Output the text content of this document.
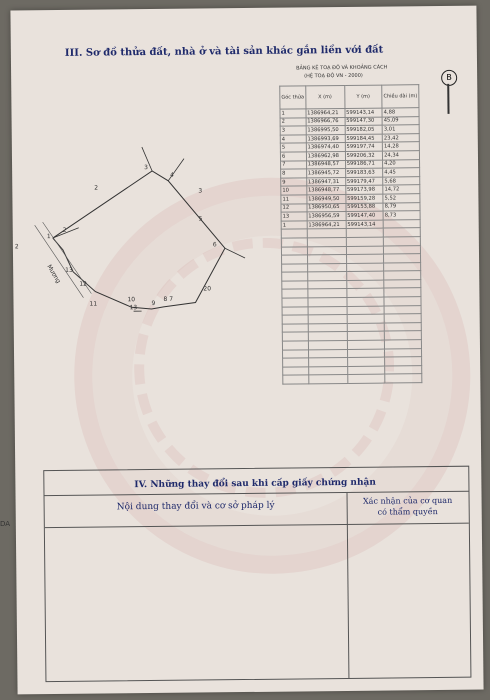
III. Sơ đồ thửa đất, nhà ở và tài sản khác gắn liền với đất
1
2
3
4
5
6
8 7
9
10
11
12
13
2
2
3
13
20
Mương
BẢNG KÊ TOẠ ĐỘ VÀ KHOẢNG CÁCH
(HỆ TOẠ ĐỘ VN - 2000)	B
Góc thửa	X (m)	Y (m)	Chiều dài (m)
1	1386964,21	599143,14	4,88
2	1386966,76	599147,30	45,09
3	1386995,50	599182,05	3,01
4	1386993,69	599184,45	23,42
5	1386974,40	599197,74	14,28
6	1386962,98	599206,32	24,34
7	1386948,57	599186,71	4,20
8	1386945,72	599183,63	4,45
9	1386947,31	599179,47	5,68
10	1386948,77	599173,98	14,72
11	1386949,50	599159,28	5,52
12	1386950,65	599153,88	8,79
13	1386956,59	599147,40	8,73
1	1386964,21	599143,14	

IV. Những thay đổi sau khi cấp giấy chứng nhận
Nội dung thay đổi và cơ sở pháp lý	Xác nhận của cơ quan
có thẩm quyền
DA
